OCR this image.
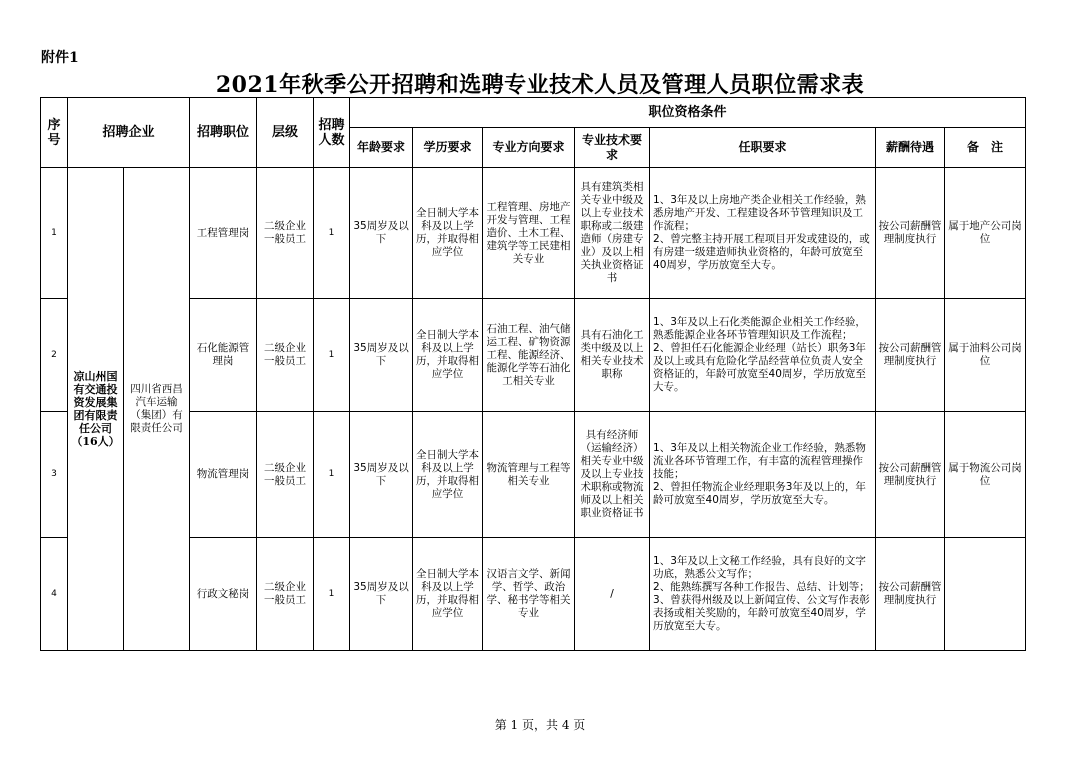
附件1
2021年秋季公开招聘和选聘专业技术人员及管理人员职位需求表
序号	招聘企业		招聘职位	层级	招聘人数	职位资格条件						
						年龄要求	学历要求	专业方向要求	专业技术要求	任职要求	薪酬待遇	备　注
1	凉山州国有交通投资发展集团有限责任公司（16人）	四川省西昌汽车运输（集团）有限责任公司	工程管理岗	二级企业一般员工	1	35周岁及以下	全日制大学本科及以上学历，并取得相应学位	工程管理、房地产开发与管理、工程造价、土木工程、建筑学等工民建相关专业	具有建筑类相关专业中级及以上专业技术职称或二级建造师（房建专业）及以上相关执业资格证书	1、3年及以上房地产类企业相关工作经验，熟悉房地产开发、工程建设各环节管理知识及工作流程；
2、曾完整主持开展工程项目开发或建设的，或有房建一级建造师执业资格的，年龄可放宽至40周岁，学历放宽至大专。	按公司薪酬管理制度执行	属于地产公司岗位
2			石化能源管理岗	二级企业一般员工	1	35周岁及以下	全日制大学本科及以上学历，并取得相应学位	石油工程、油气储运工程、矿物资源工程、能源经济、能源化学等石油化工相关专业	具有石油化工类中级及以上相关专业技术职称	1、3年及以上石化类能源企业相关工作经验，熟悉能源企业各环节管理知识及工作流程；
2、曾担任石化能源企业经理（站长）职务3年及以上或具有危险化学品经营单位负责人安全资格证的，年龄可放宽至40周岁，学历放宽至大专。	按公司薪酬管理制度执行	属于油料公司岗位
3			物流管理岗	二级企业一般员工	1	35周岁及以下	全日制大学本科及以上学历，并取得相应学位	物流管理与工程等相关专业	具有经济师（运输经济）相关专业中级及以上专业技术职称或物流师及以上相关职业资格证书	1、3年及以上相关物流企业工作经验，熟悉物流业各环节管理工作，有丰富的流程管理操作技能；
2、曾担任物流企业经理职务3年及以上的，年龄可放宽至40周岁，学历放宽至大专。	按公司薪酬管理制度执行	属于物流公司岗位
4			行政文秘岗	二级企业一般员工	1	35周岁及以下	全日制大学本科及以上学历，并取得相应学位	汉语言文学、新闻学、哲学、政治学、秘书学等相关专业	/	1、3年及以上文秘工作经验，具有良好的文字功底，熟悉公文写作；
2、能熟练撰写各种工作报告、总结、计划等；
3、曾获得州级及以上新闻宣传、公文写作表彰表扬或相关奖励的，年龄可放宽至40周岁，学历放宽至大专。	按公司薪酬管理制度执行	
第 1 页，共 4 页
